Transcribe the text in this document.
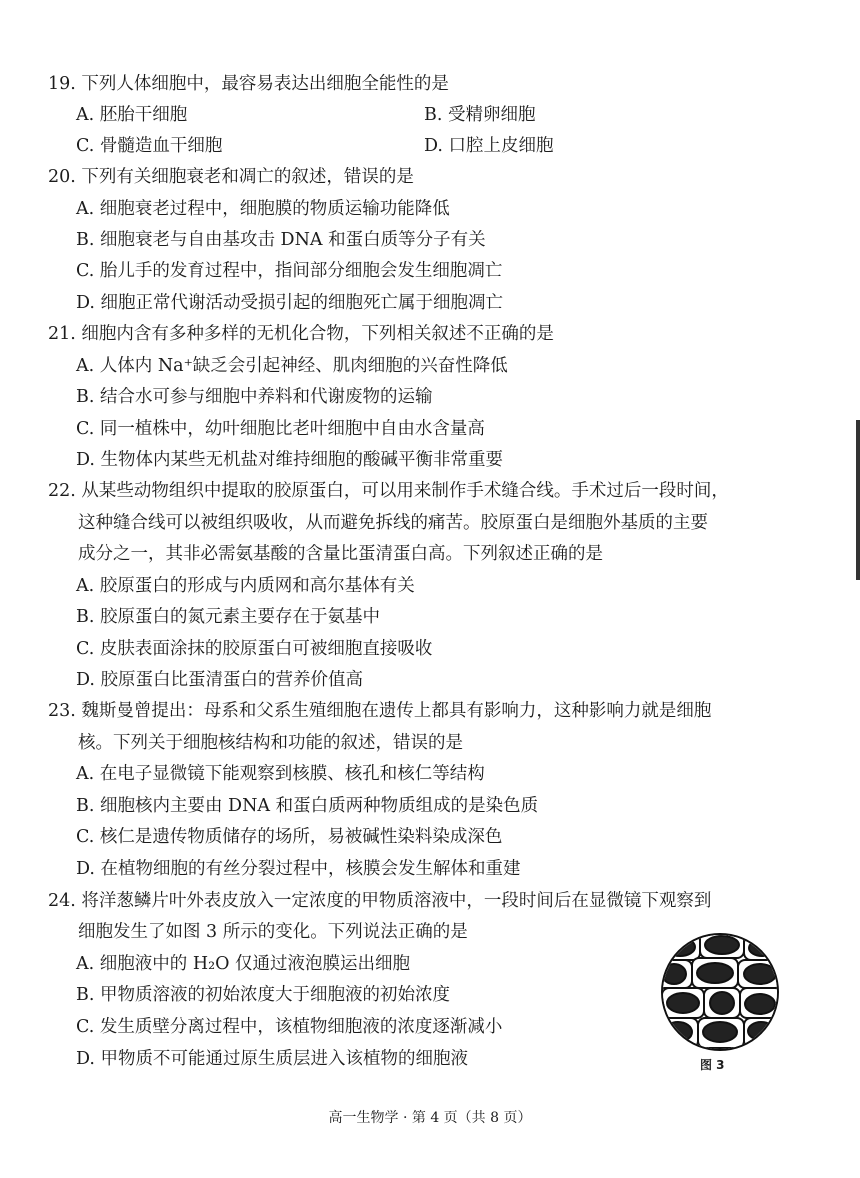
19. 下列人体细胞中，最容易表达出细胞全能性的是
A. 胚胎干细胞	B. 受精卵细胞
C. 骨髓造血干细胞	D. 口腔上皮细胞
20. 下列有关细胞衰老和凋亡的叙述，错误的是
A. 细胞衰老过程中，细胞膜的物质运输功能降低
B. 细胞衰老与自由基攻击 DNA 和蛋白质等分子有关
C. 胎儿手的发育过程中，指间部分细胞会发生细胞凋亡
D. 细胞正常代谢活动受损引起的细胞死亡属于细胞凋亡
21. 细胞内含有多种多样的无机化合物，下列相关叙述不正确的是
A. 人体内 Na⁺缺乏会引起神经、肌肉细胞的兴奋性降低
B. 结合水可参与细胞中养料和代谢废物的运输
C. 同一植株中，幼叶细胞比老叶细胞中自由水含量高
D. 生物体内某些无机盐对维持细胞的酸碱平衡非常重要
22. 从某些动物组织中提取的胶原蛋白，可以用来制作手术缝合线。手术过后一段时间，
这种缝合线可以被组织吸收，从而避免拆线的痛苦。胶原蛋白是细胞外基质的主要
成分之一，其非必需氨基酸的含量比蛋清蛋白高。下列叙述正确的是
A. 胶原蛋白的形成与内质网和高尔基体有关
B. 胶原蛋白的氮元素主要存在于氨基中
C. 皮肤表面涂抹的胶原蛋白可被细胞直接吸收
D. 胶原蛋白比蛋清蛋白的营养价值高
23. 魏斯曼曾提出：母系和父系生殖细胞在遗传上都具有影响力，这种影响力就是细胞
核。下列关于细胞核结构和功能的叙述，错误的是
A. 在电子显微镜下能观察到核膜、核孔和核仁等结构
B. 细胞核内主要由 DNA 和蛋白质两种物质组成的是染色质
C. 核仁是遗传物质储存的场所，易被碱性染料染成深色
D. 在植物细胞的有丝分裂过程中，核膜会发生解体和重建
24. 将洋葱鳞片叶外表皮放入一定浓度的甲物质溶液中，一段时间后在显微镜下观察到
细胞发生了如图 3 所示的变化。下列说法正确的是
A. 细胞液中的 H₂O 仅通过液泡膜运出细胞
B. 甲物质溶液的初始浓度大于细胞液的初始浓度
C. 发生质壁分离过程中，该植物细胞液的浓度逐渐减小
D. 甲物质不可能通过原生质层进入该植物的细胞液	图 3
高一生物学 · 第 4 页（共 8 页）
